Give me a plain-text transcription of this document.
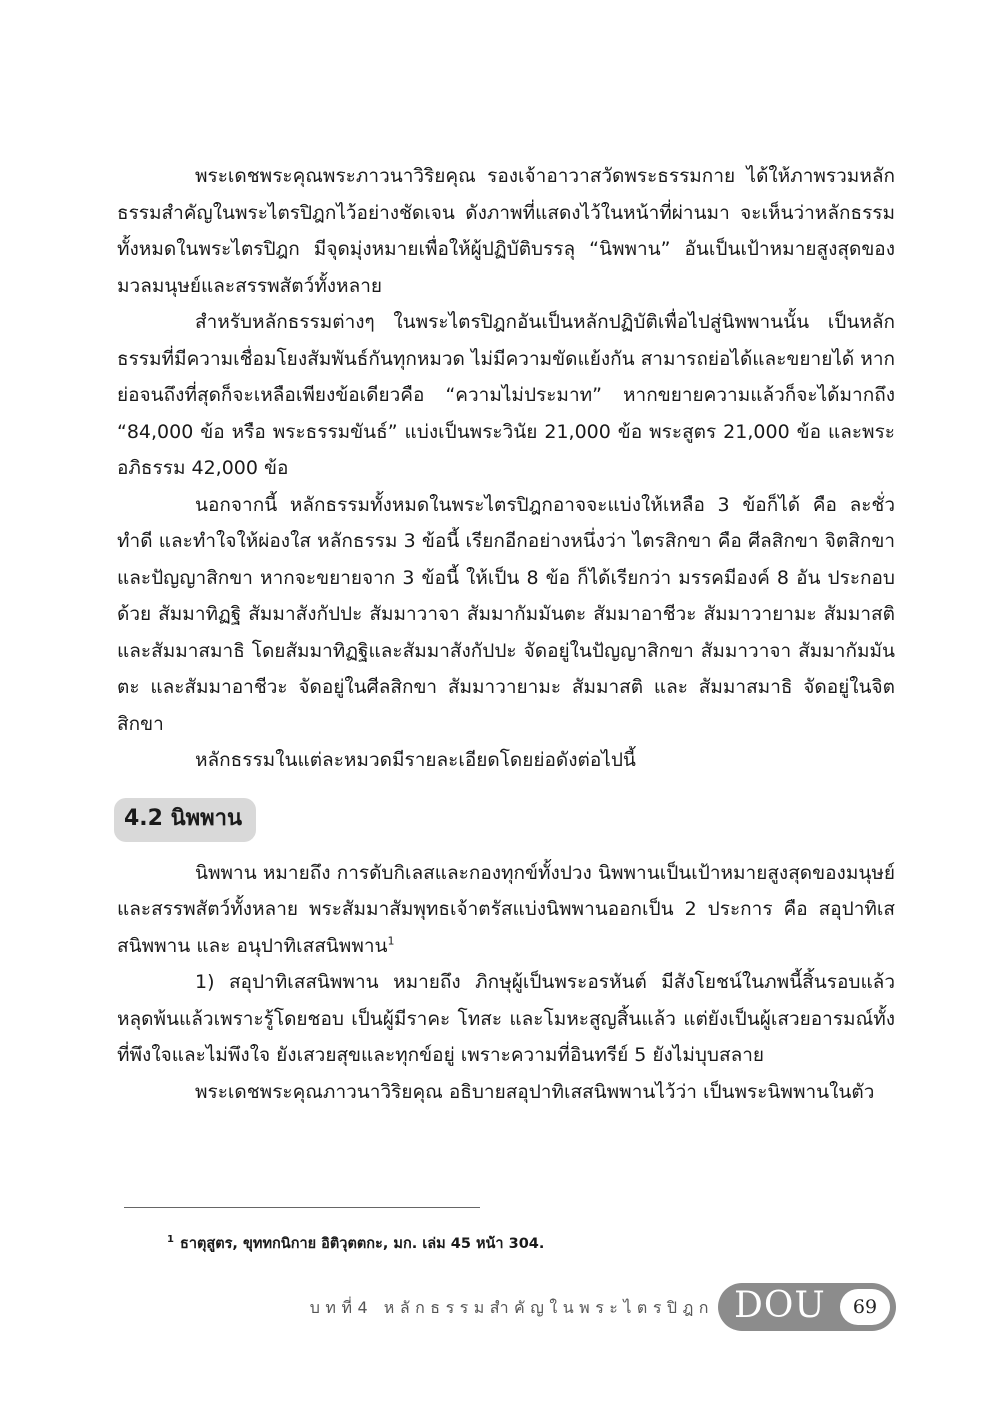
พระเดชพระคุณพระภาวนาวิริยคุณ รองเจ้าอาวาสวัดพระธรรมกาย ได้ให้ภาพรวมหลักธรรมสำคัญในพระไตรปิฎกไว้อย่างชัดเจน ดังภาพที่แสดงไว้ในหน้าที่ผ่านมา จะเห็นว่าหลักธรรมทั้งหมดในพระไตรปิฎก มีจุดมุ่งหมายเพื่อให้ผู้ปฏิบัติบรรลุ “นิพพาน” อันเป็นเป้าหมายสูงสุดของมวลมนุษย์และสรรพสัตว์ทั้งหลาย

สำหรับหลักธรรมต่างๆ ในพระไตรปิฎกอันเป็นหลักปฏิบัติเพื่อไปสู่นิพพานนั้น เป็นหลักธรรมที่มีความเชื่อมโยงสัมพันธ์กันทุกหมวด ไม่มีความขัดแย้งกัน สามารถย่อได้และขยายได้ หากย่อจนถึงที่สุดก็จะเหลือเพียงข้อเดียวคือ “ความไม่ประมาท” หากขยายความแล้วก็จะได้มากถึง “84,000 ข้อ หรือ พระธรรมขันธ์” แบ่งเป็นพระวินัย 21,000 ข้อ พระสูตร 21,000 ข้อ และพระอภิธรรม 42,000 ข้อ

นอกจากนี้ หลักธรรมทั้งหมดในพระไตรปิฎกอาจจะแบ่งให้เหลือ 3 ข้อก็ได้ คือ ละชั่ว ทำดี และทำใจให้ผ่องใส หลักธรรม 3 ข้อนี้ เรียกอีกอย่างหนึ่งว่า ไตรสิกขา คือ ศีลสิกขา จิตสิกขา และปัญญาสิกขา หากจะขยายจาก 3 ข้อนี้ ให้เป็น 8 ข้อ ก็ได้เรียกว่า มรรคมีองค์ 8 อัน ประกอบด้วย สัมมาทิฏฐิ สัมมาสังกัปปะ สัมมาวาจา สัมมากัมมันตะ สัมมาอาชีวะ สัมมาวายามะ สัมมาสติ และสัมมาสมาธิ โดยสัมมาทิฏฐิและสัมมาสังกัปปะ จัดอยู่ในปัญญาสิกขา สัมมาวาจา สัมมากัมมันตะ และสัมมาอาชีวะ จัดอยู่ในศีลสิกขา สัมมาวายามะ สัมมาสติ และ สัมมาสมาธิ จัดอยู่ในจิตสิกขา

หลักธรรมในแต่ละหมวดมีรายละเอียดโดยย่อดังต่อไปนี้

4.2 นิพพาน

นิพพาน หมายถึง การดับกิเลสและกองทุกข์ทั้งปวง นิพพานเป็นเป้าหมายสูงสุดของมนุษย์และสรรพสัตว์ทั้งหลาย พระสัมมาสัมพุทธเจ้าตรัสแบ่งนิพพานออกเป็น 2 ประการ คือ สอุปาทิเสสนิพพาน และ อนุปาทิเสสนิพพาน$^1$

1) สอุปาทิเสสนิพพาน หมายถึง ภิกษุผู้เป็นพระอรหันต์ มีสังโยชน์ในภพนี้สิ้นรอบแล้ว หลุดพ้นแล้วเพราะรู้โดยชอบ เป็นผู้มีราคะ โทสะ และโมหะสูญสิ้นแล้ว แต่ยังเป็นผู้เสวยอารมณ์ทั้งที่พึงใจและไม่พึงใจ ยังเสวยสุขและทุกข์อยู่ เพราะความที่อินทรีย์ 5 ยังไม่บุบสลาย

พระเดชพระคุณภาวนาวิริยคุณ อธิบายสอุปาทิเสสนิพพานไว้ว่า เป็นพระนิพพานในตัว

$^1$ ธาตุสูตร, ขุททกนิกาย อิติวุตตกะ, มก. เล่ม 45 หน้า 304.
บทที่4 หลักธรรมสำคัญในพระไตรปิฎก DOU	69
